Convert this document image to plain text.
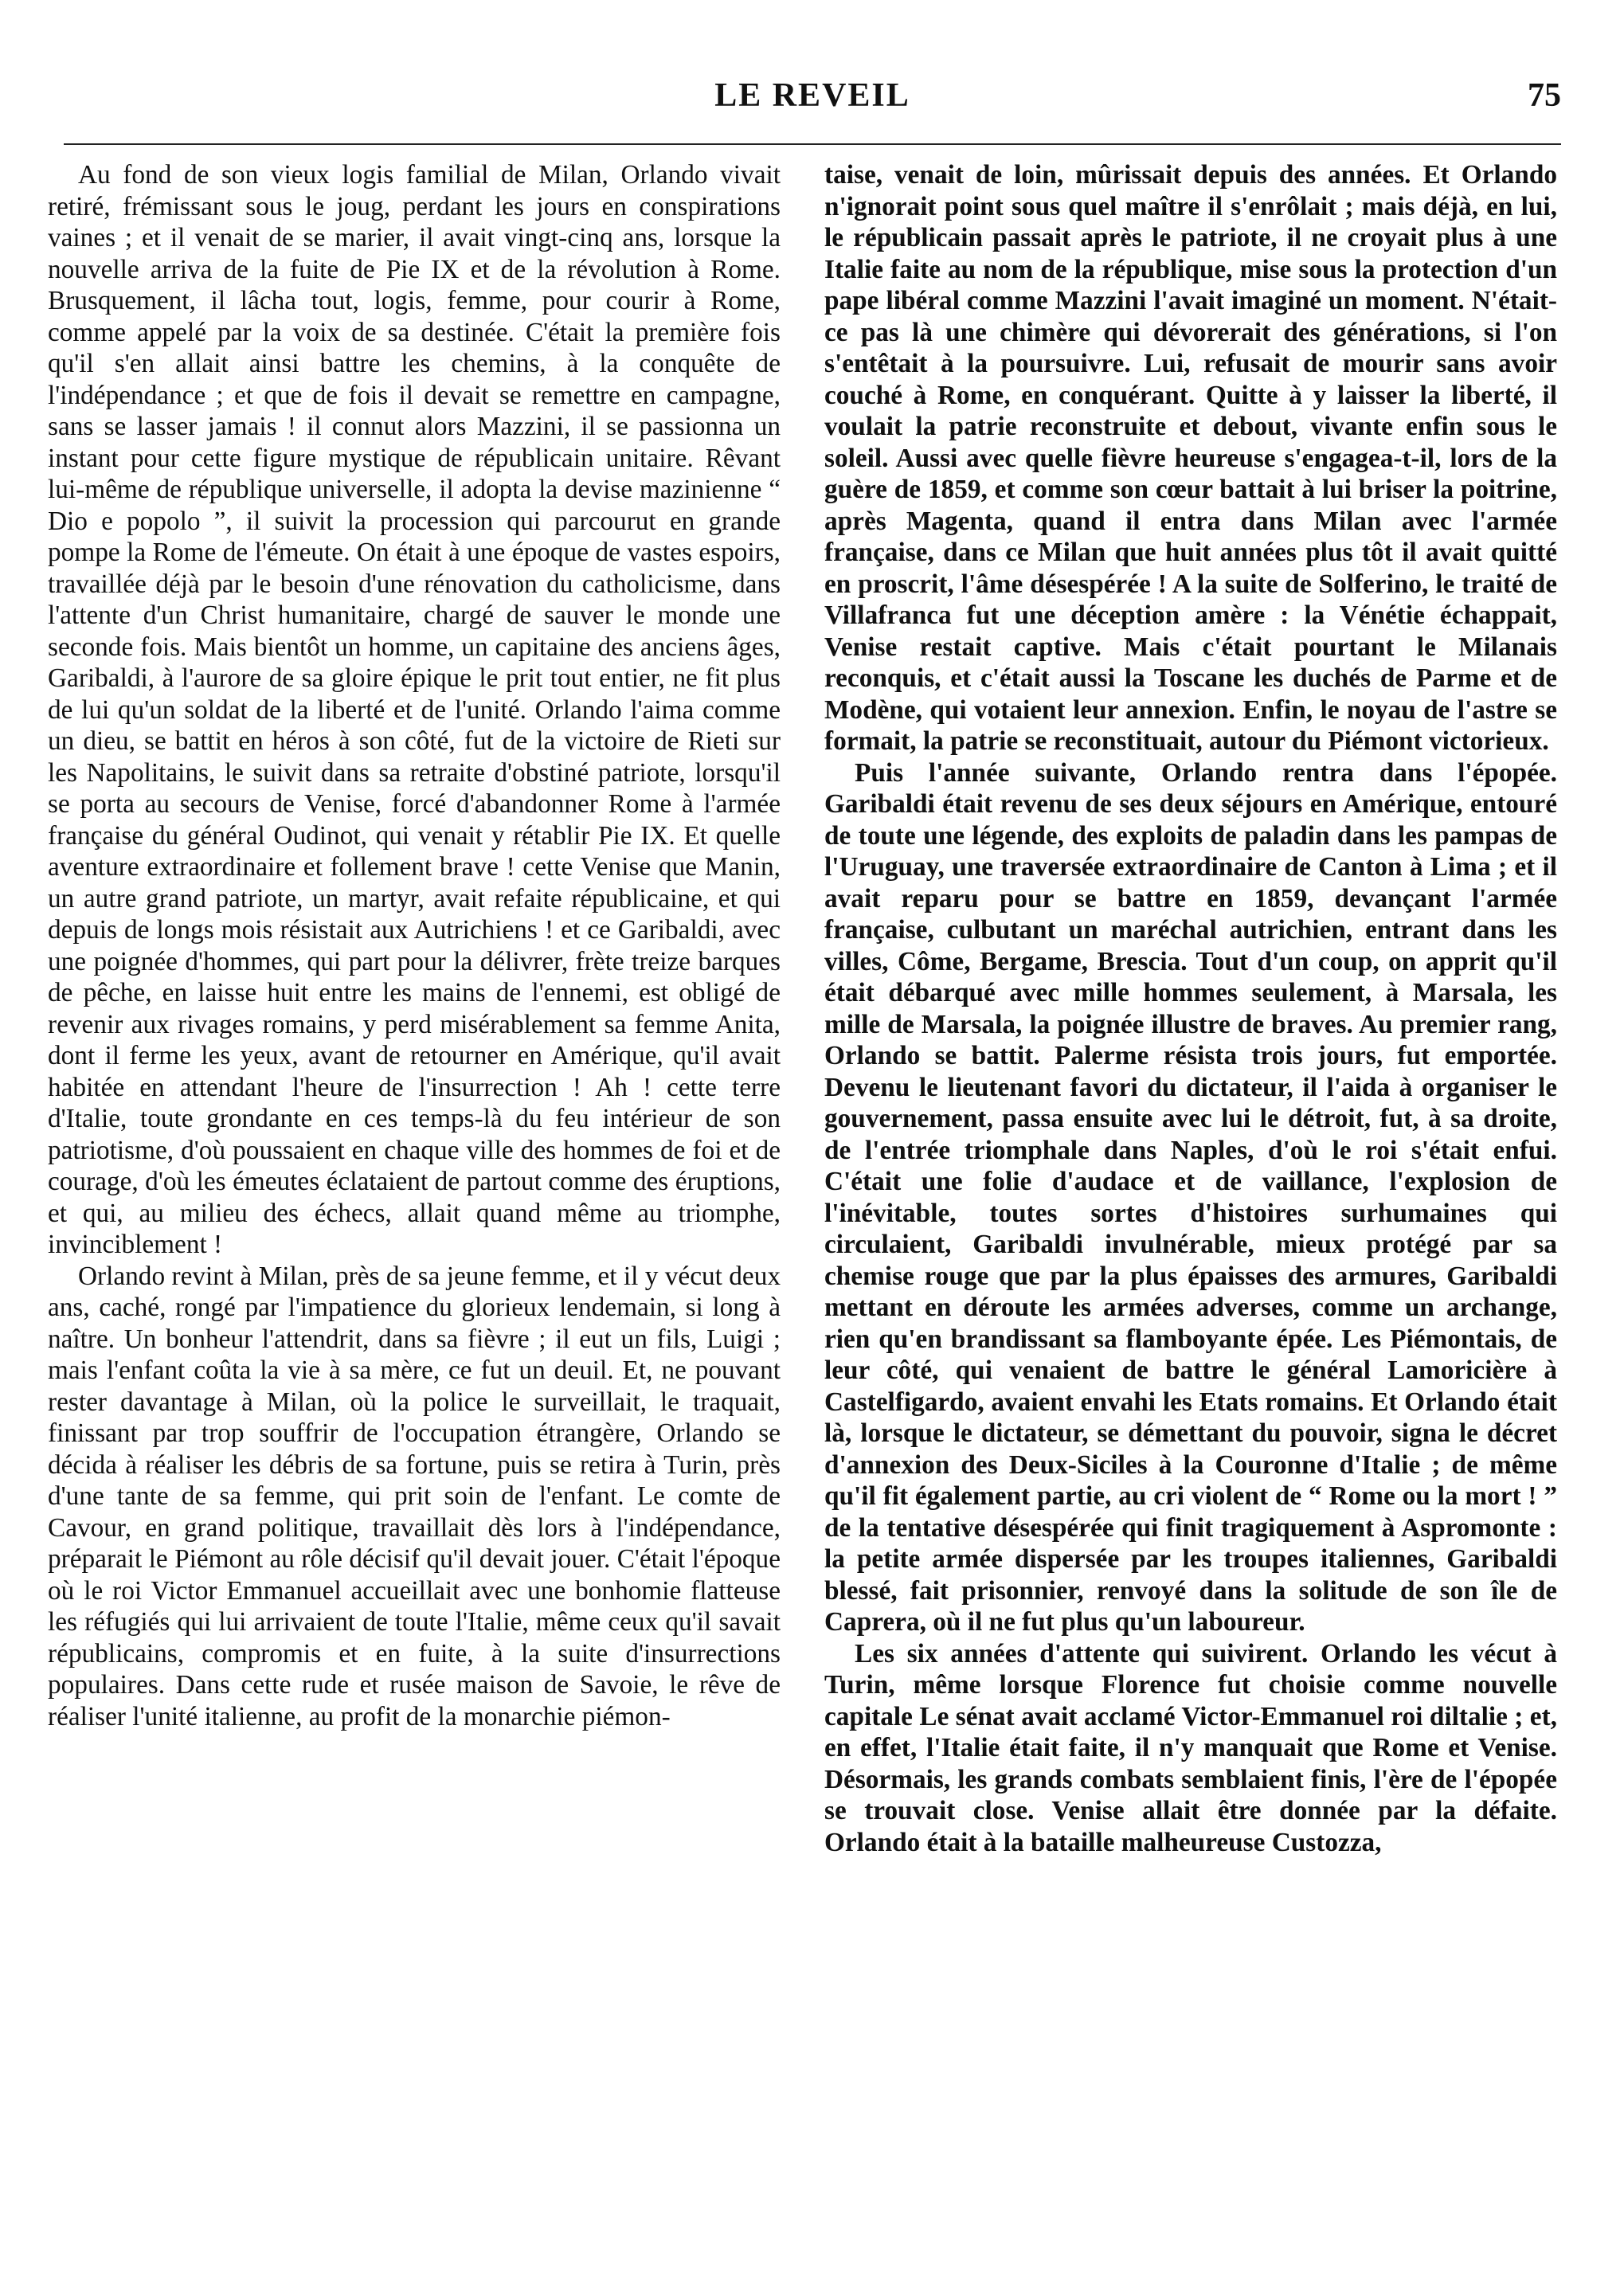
LE REVEIL	75

Au fond de son vieux logis familial de Milan, Orlando vivait retiré, frémissant sous le joug, perdant les jours en conspirations vaines ; et il venait de se marier, il avait vingt-cinq ans, lorsque la nouvelle arriva de la fuite de Pie IX et de la révolution à Rome. Brusquement, il lâcha tout, logis, femme, pour courir à Rome, comme appelé par la voix de sa destinée. C'était la première fois qu'il s'en allait ainsi battre les chemins, à la conquête de l'indépendance ; et que de fois il devait se remettre en campagne, sans se lasser jamais ! il connut alors Mazzini, il se passionna un instant pour cette figure mystique de républicain unitaire. Rêvant lui-même de république universelle, il adopta la devise mazinienne “ Dio e popolo ”, il suivit la procession qui parcourut en grande pompe la Rome de l'émeute. On était à une époque de vastes espoirs, travaillée déjà par le besoin d'une rénovation du catholicisme, dans l'attente d'un Christ humanitaire, chargé de sauver le monde une seconde fois. Mais bientôt un homme, un capitaine des anciens âges, Garibaldi, à l'aurore de sa gloire épique le prit tout entier, ne fit plus de lui qu'un soldat de la liberté et de l'unité. Orlando l'aima comme un dieu, se battit en héros à son côté, fut de la victoire de Rieti sur les Napolitains, le suivit dans sa retraite d'obstiné patriote, lorsqu'il se porta au secours de Venise, forcé d'abandonner Rome à l'armée française du général Oudinot, qui venait y rétablir Pie IX. Et quelle aventure extraordinaire et follement brave ! cette Venise que Manin, un autre grand patriote, un martyr, avait refaite républicaine, et qui depuis de longs mois résistait aux Autrichiens ! et ce Garibaldi, avec une poignée d'hommes, qui part pour la délivrer, frète treize barques de pêche, en laisse huit entre les mains de l'ennemi, est obligé de revenir aux rivages romains, y perd misérablement sa femme Anita, dont il ferme les yeux, avant de retourner en Amérique, qu'il avait habitée en attendant l'heure de l'insurrection ! Ah ! cette terre d'Italie, toute grondante en ces temps-là du feu intérieur de son patriotisme, d'où poussaient en chaque ville des hommes de foi et de courage, d'où les émeutes éclataient de partout comme des éruptions, et qui, au milieu des échecs, allait quand même au triomphe, invinciblement !

Orlando revint à Milan, près de sa jeune femme, et il y vécut deux ans, caché, rongé par l'impatience du glorieux lendemain, si long à naître. Un bonheur l'attendrit, dans sa fièvre ; il eut un fils, Luigi ; mais l'enfant coûta la vie à sa mère, ce fut un deuil. Et, ne pouvant rester davantage à Milan, où la police le surveillait, le traquait, finissant par trop souffrir de l'occupation étrangère, Orlando se décida à réaliser les débris de sa fortune, puis se retira à Turin, près d'une tante de sa femme, qui prit soin de l'enfant. Le comte de Cavour, en grand politique, travaillait dès lors à l'indépendance, préparait le Piémont au rôle décisif qu'il devait jouer. C'était l'époque où le roi Victor Emmanuel accueillait avec une bonhomie flatteuse les réfugiés qui lui arrivaient de toute l'Italie, même ceux qu'il savait républicains, compromis et en fuite, à la suite d'insurrections populaires. Dans cette rude et rusée maison de Savoie, le rêve de réaliser l'unité italienne, au profit de la monarchie piémon-

taise, venait de loin, mûrissait depuis des années. Et Orlando n'ignorait point sous quel maître il s'enrôlait ; mais déjà, en lui, le républicain passait après le patriote, il ne croyait plus à une Italie faite au nom de la république, mise sous la protection d'un pape libéral comme Mazzini l'avait imaginé un moment. N'était-ce pas là une chimère qui dévorerait des générations, si l'on s'entêtait à la poursuivre. Lui, refusait de mourir sans avoir couché à Rome, en conquérant. Quitte à y laisser la liberté, il voulait la patrie reconstruite et debout, vivante enfin sous le soleil. Aussi avec quelle fièvre heureuse s'engagea-t-il, lors de la guère de 1859, et comme son cœur battait à lui briser la poitrine, après Magenta, quand il entra dans Milan avec l'armée française, dans ce Milan que huit années plus tôt il avait quitté en proscrit, l'âme désespérée ! A la suite de Solferino, le traité de Villafranca fut une déception amère : la Vénétie échappait, Venise restait captive. Mais c'était pourtant le Milanais reconquis, et c'était aussi la Toscane les duchés de Parme et de Modène, qui votaient leur annexion. Enfin, le noyau de l'astre se formait, la patrie se reconstituait, autour du Piémont victorieux.

Puis l'année suivante, Orlando rentra dans l'épopée. Garibaldi était revenu de ses deux séjours en Amérique, entouré de toute une légende, des exploits de paladin dans les pampas de l'Uruguay, une traversée extraordinaire de Canton à Lima ; et il avait reparu pour se battre en 1859, devançant l'armée française, culbutant un maréchal autrichien, entrant dans les villes, Côme, Bergame, Brescia. Tout d'un coup, on apprit qu'il était débarqué avec mille hommes seulement, à Marsala, les mille de Marsala, la poignée illustre de braves. Au premier rang, Orlando se battit. Palerme résista trois jours, fut emportée. Devenu le lieutenant favori du dictateur, il l'aida à organiser le gouvernement, passa ensuite avec lui le détroit, fut, à sa droite, de l'entrée triomphale dans Naples, d'où le roi s'était enfui. C'était une folie d'audace et de vaillance, l'explosion de l'inévitable, toutes sortes d'histoires surhumaines qui circulaient, Garibaldi invulnérable, mieux protégé par sa chemise rouge que par la plus épaisses des armures, Garibaldi mettant en déroute les armées adverses, comme un archange, rien qu'en brandissant sa flamboyante épée. Les Piémontais, de leur côté, qui venaient de battre le général Lamoricière à Castelfigardo, avaient envahi les Etats romains. Et Orlando était là, lorsque le dictateur, se démettant du pouvoir, signa le décret d'annexion des Deux-Siciles à la Couronne d'Italie ; de même qu'il fit également partie, au cri violent de “ Rome ou la mort ! ” de la tentative désespérée qui finit tragiquement à Aspromonte : la petite armée dispersée par les troupes italiennes, Garibaldi blessé, fait prisonnier, renvoyé dans la solitude de son île de Caprera, où il ne fut plus qu'un laboureur.

Les six années d'attente qui suivirent. Orlando les vécut à Turin, même lorsque Florence fut choisie comme nouvelle capitale Le sénat avait acclamé Victor-Emmanuel roi diltalie ; et, en effet, l'Italie était faite, il n'y manquait que Rome et Venise. Désormais, les grands combats semblaient finis, l'ère de l'épopée se trouvait close. Venise allait être donnée par la défaite. Orlando était à la bataille malheureuse Custozza,
